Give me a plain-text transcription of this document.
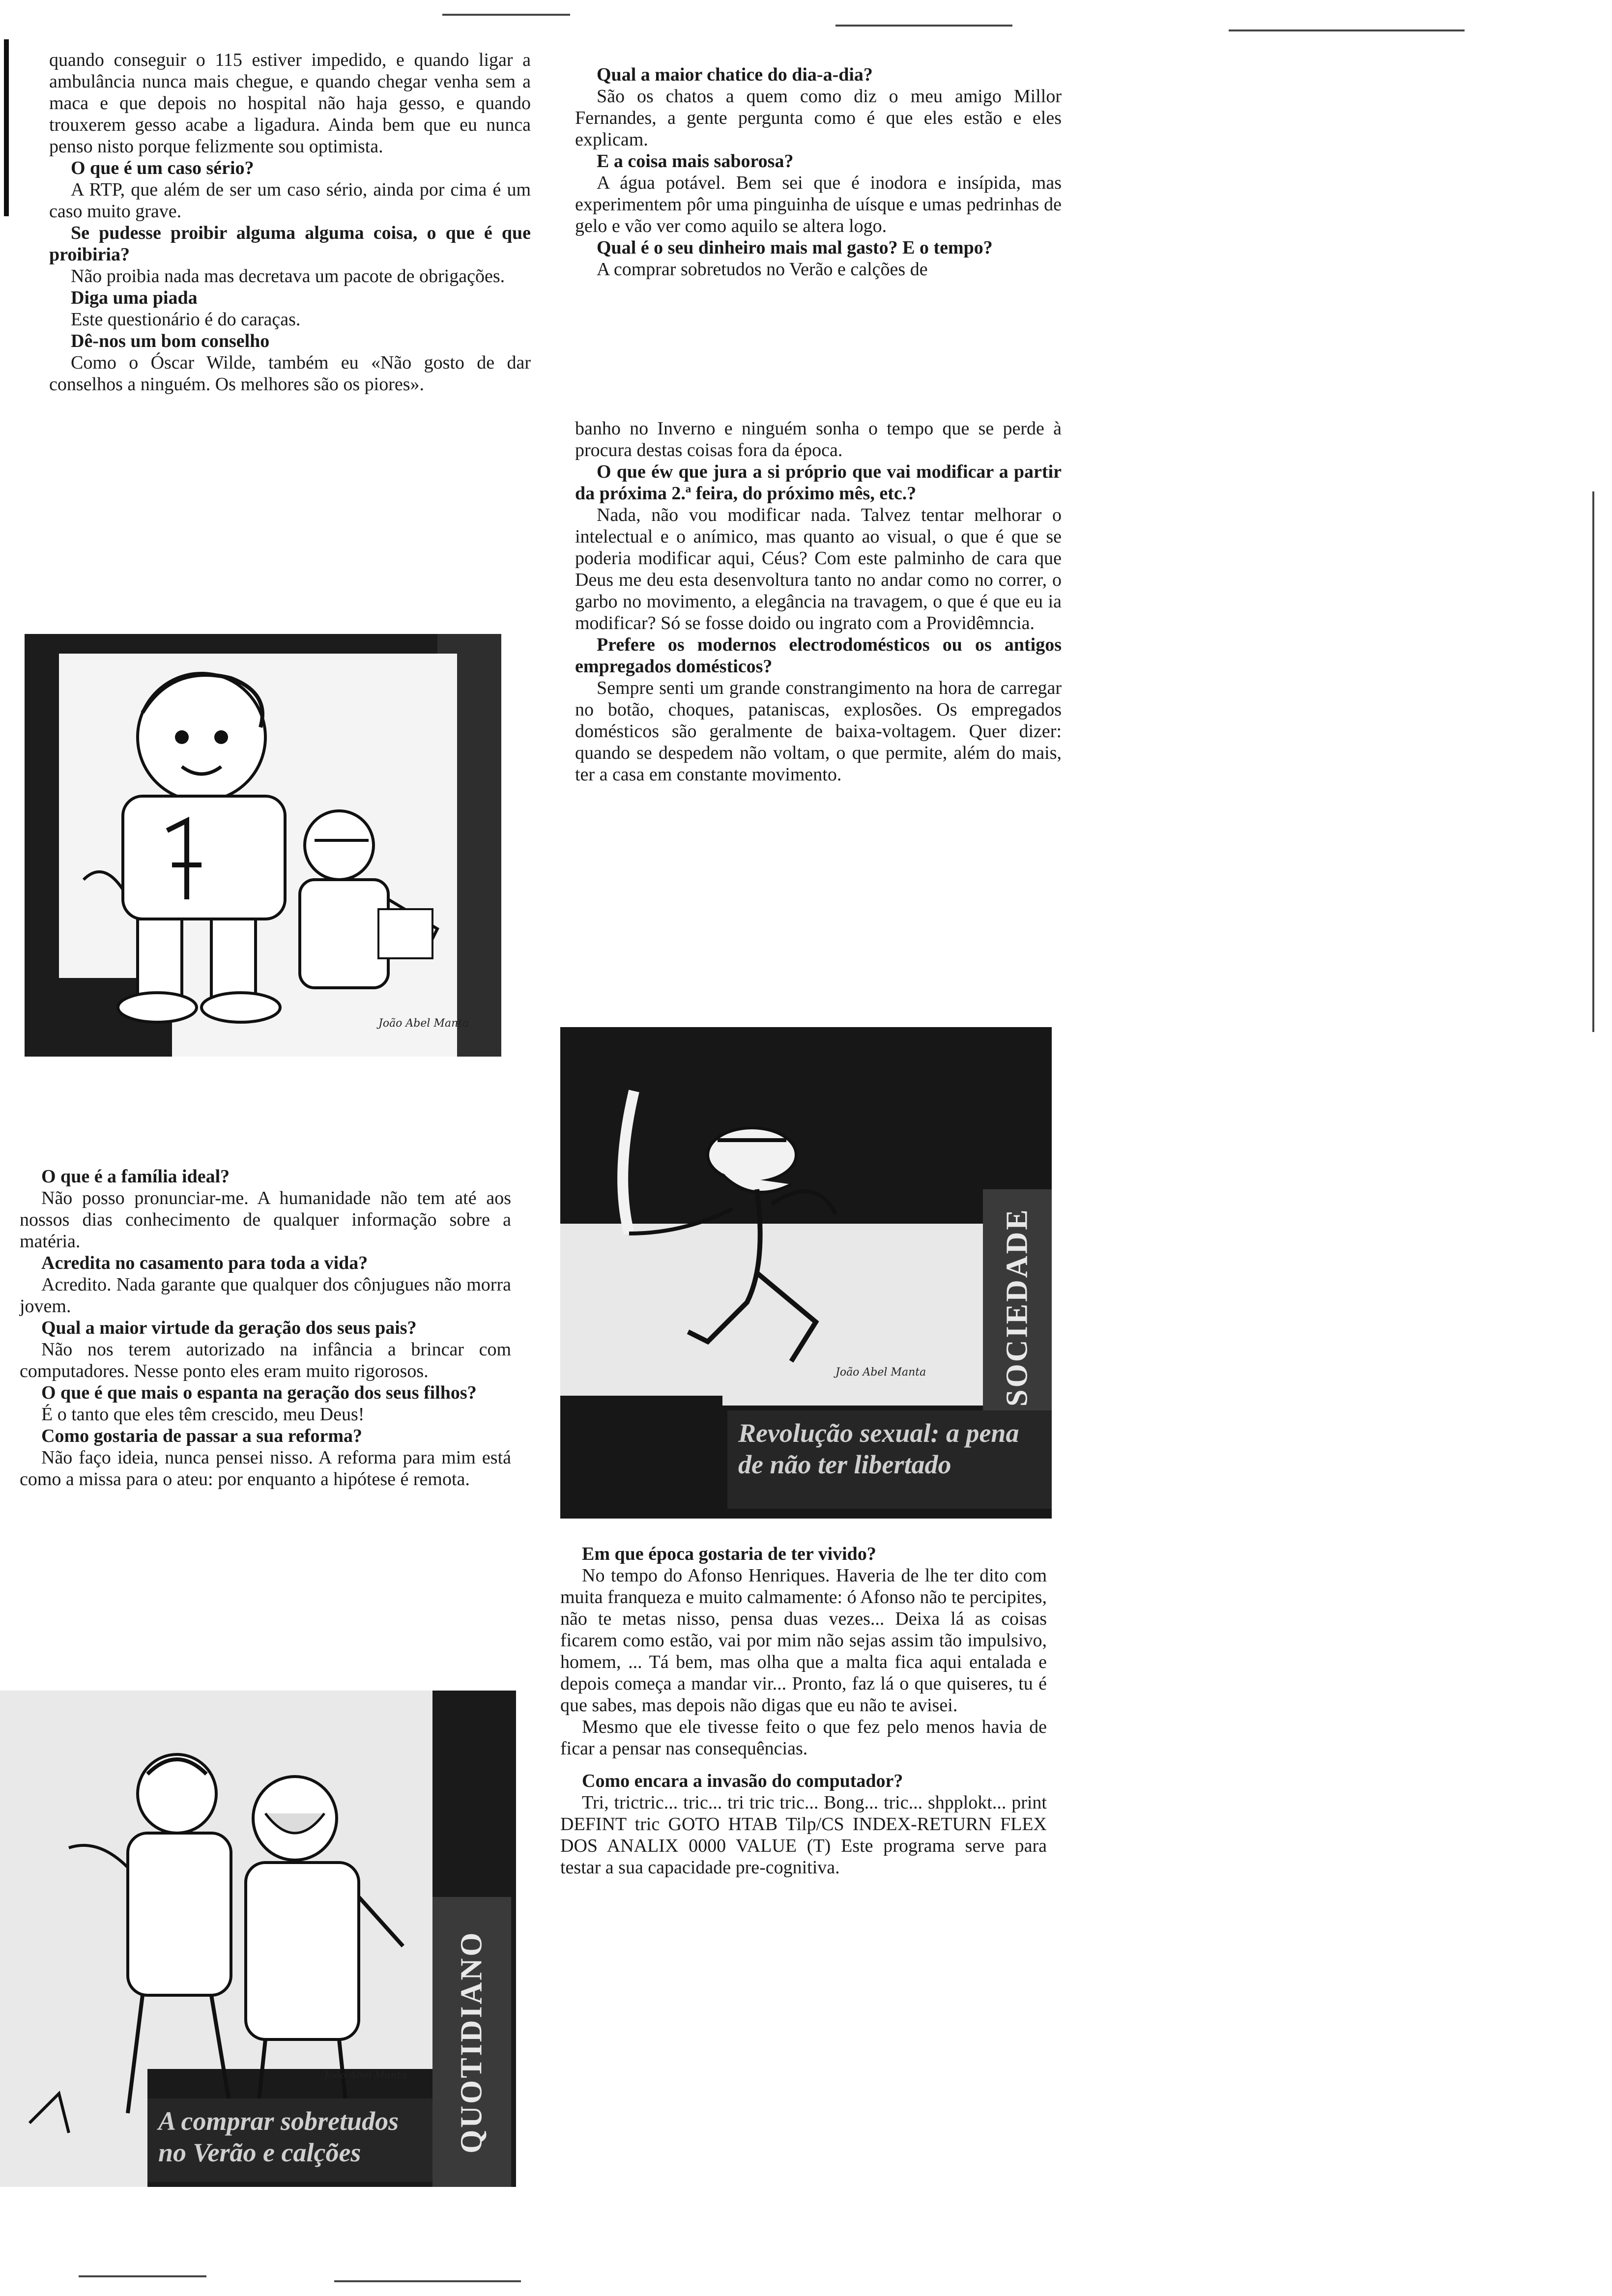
quando conseguir o 115 estiver impedido, e quando ligar a ambulância nunca mais chegue, e quando chegar venha sem a maca e que depois no hospital não haja gesso, e quando trouxerem gesso acabe a ligadura. Ainda bem que eu nunca penso nisto porque felizmente sou optimista.

O que é um caso sério?

A RTP, que além de ser um caso sério, ainda por cima é um caso muito grave.

Se pudesse proibir alguma alguma coisa, o que é que proibiria?

Não proibia nada mas decretava um pacote de obrigações.

Diga uma piada

Este questionário é do caraças.

Dê-nos um bom conselho

Como o Óscar Wilde, também eu «Não gosto de dar conselhos a ninguém. Os melhores são os piores».

João Abel Manta

O que é a família ideal?

Não posso pronunciar-me. A humanidade não tem até aos nossos dias conhecimento de qualquer informação sobre a matéria.

Acredita no casamento para toda a vida?

Acredito. Nada garante que qualquer dos cônjugues não morra jovem.

Qual a maior virtude da geração dos seus pais?

Não nos terem autorizado na infância a brincar com computadores. Nesse ponto eles eram muito rigorosos.

O que é que mais o espanta na geração dos seus filhos?

É o tanto que eles têm crescido, meu Deus!

Como gostaria de passar a sua reforma?

Não faço ideia, nunca pensei nisso. A reforma para mim está como a missa para o ateu: por enquanto a hipótese é remota.

QUOTIDIANO
A comprar sobretudos no Verão e calções
João Abel Manta

Qual a maior chatice do dia-a-dia?

São os chatos a quem como diz o meu amigo Millor Fernandes, a gente pergunta como é que eles estão e eles explicam.

E a coisa mais saborosa?

A água potável. Bem sei que é inodora e insípida, mas experimentem pôr uma pinguinha de uísque e umas pedrinhas de gelo e vão ver como aquilo se altera logo.

Qual é o seu dinheiro mais mal gasto? E o tempo?

A comprar sobretudos no Verão e calções de

banho no Inverno e ninguém sonha o tempo que se perde à procura destas coisas fora da época.

O que éw que jura a si próprio que vai modificar a partir da próxima 2.ª feira, do próximo mês, etc.?

Nada, não vou modificar nada. Talvez tentar melhorar o intelectual e o anímico, mas quanto ao visual, o que é que se poderia modificar aqui, Céus? Com este palminho de cara que Deus me deu esta desenvoltura tanto no andar como no correr, o garbo no movimento, a elegância na travagem, o que é que eu ia modificar? Só se fosse doido ou ingrato com a Providêmncia.

Prefere os modernos electrodomésticos ou os antigos empregados domésticos?

Sempre senti um grande constrangimento na hora de carregar no botão, choques, pataniscas, explosões. Os empregados domésticos são geralmente de baixa-voltagem. Quer dizer: quando se despedem não voltam, o que permite, além do mais, ter a casa em constante movimento.

SOCIEDADE
Revolução sexual: a pena de não ter libertado
João Abel Manta

Em que época gostaria de ter vivido?

No tempo do Afonso Henriques. Haveria de lhe ter dito com muita franqueza e muito calmamente: ó Afonso não te percipites, não te metas nisso, pensa duas vezes... Deixa lá as coisas ficarem como estão, vai por mim não sejas assim tão impulsivo, homem, ... Tá bem, mas olha que a malta fica aqui entalada e depois começa a mandar vir... Pronto, faz lá o que quiseres, tu é que sabes, mas depois não digas que eu não te avisei.

Mesmo que ele tivesse feito o que fez pelo menos havia de ficar a pensar nas consequências.

Como encara a invasão do computador?

Tri, trictric... tric... tri tric tric... Bong... tric... shpplokt... print DEFINT tric GOTO HTAB Tilp/CS INDEX-RETURN FLEX DOS ANALIX 0000 VALUE (T) Este programa serve para testar a sua capacidade pre-cognitiva.
